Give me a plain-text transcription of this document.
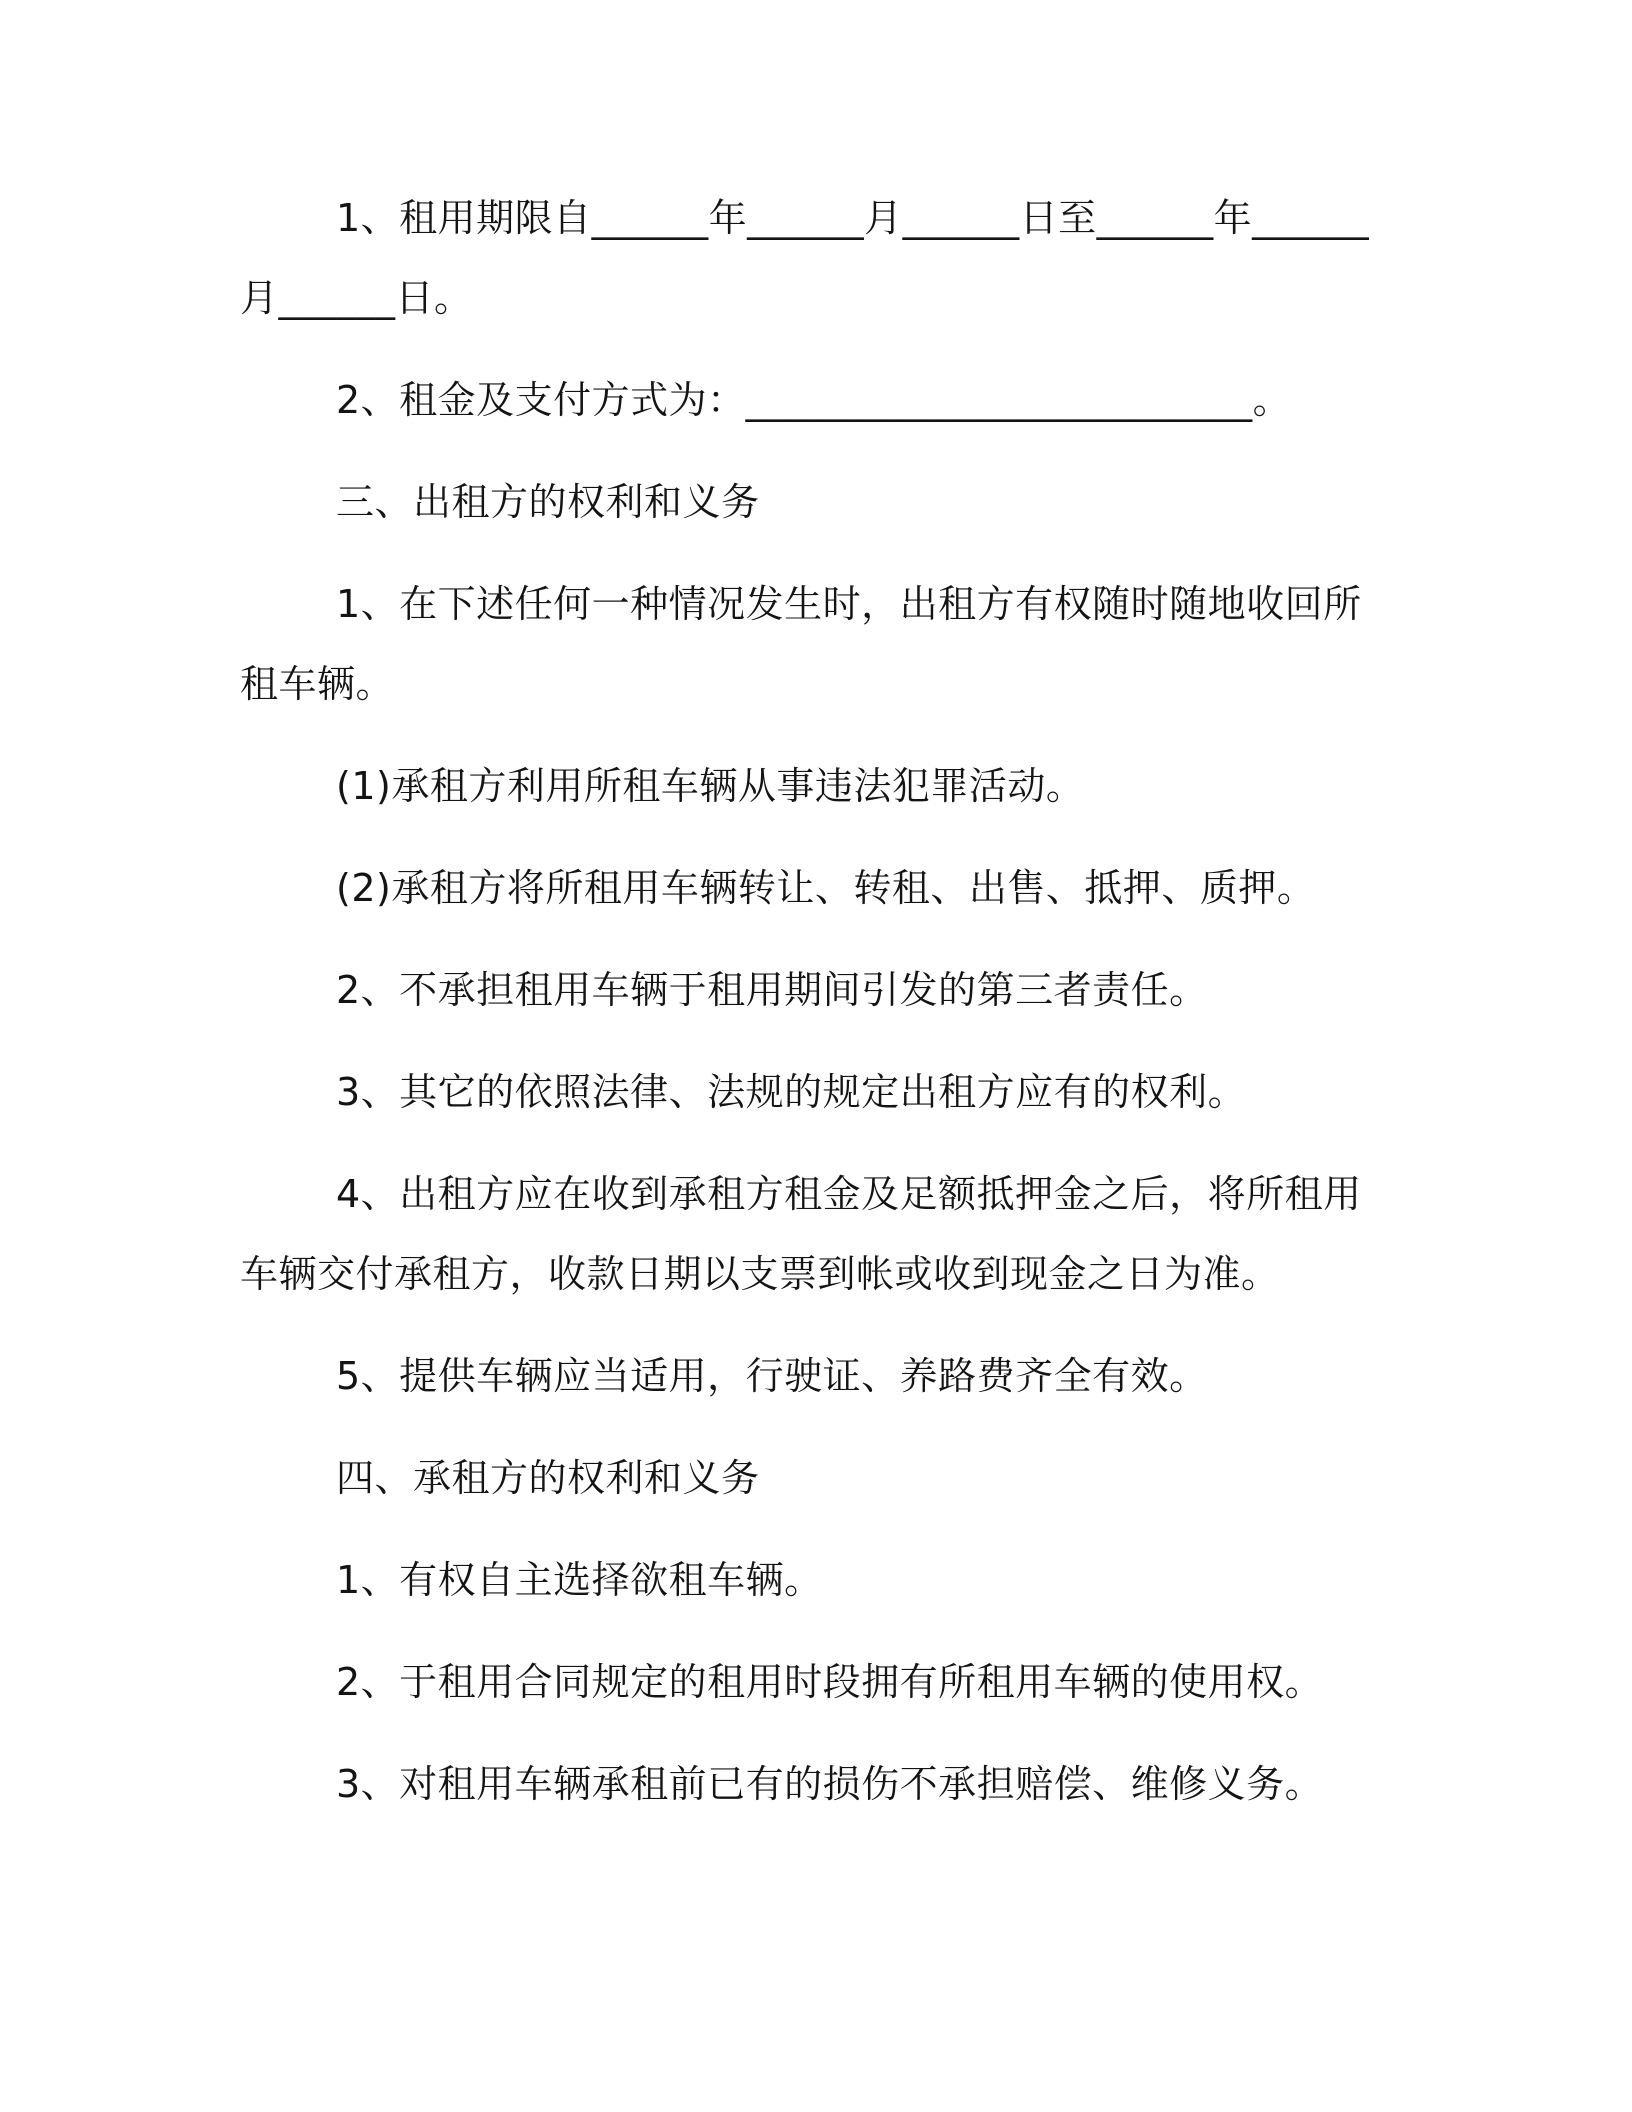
1、租用期限自______年______月______日至______年______月______日。

2、租金及支付方式为：__________________________。

三、出租方的权利和义务

1、在下述任何一种情况发生时，出租方有权随时随地收回所租车辆。

(1)承租方利用所租车辆从事违法犯罪活动。

(2)承租方将所租用车辆转让、转租、出售、抵押、质押。

2、不承担租用车辆于租用期间引发的第三者责任。

3、其它的依照法律、法规的规定出租方应有的权利。

4、出租方应在收到承租方租金及足额抵押金之后，将所租用车辆交付承租方，收款日期以支票到帐或收到现金之日为准。

5、提供车辆应当适用，行驶证、养路费齐全有效。

四、承租方的权利和义务

1、有权自主选择欲租车辆。

2、于租用合同规定的租用时段拥有所租用车辆的使用权。

3、对租用车辆承租前已有的损伤不承担赔偿、维修义务。
